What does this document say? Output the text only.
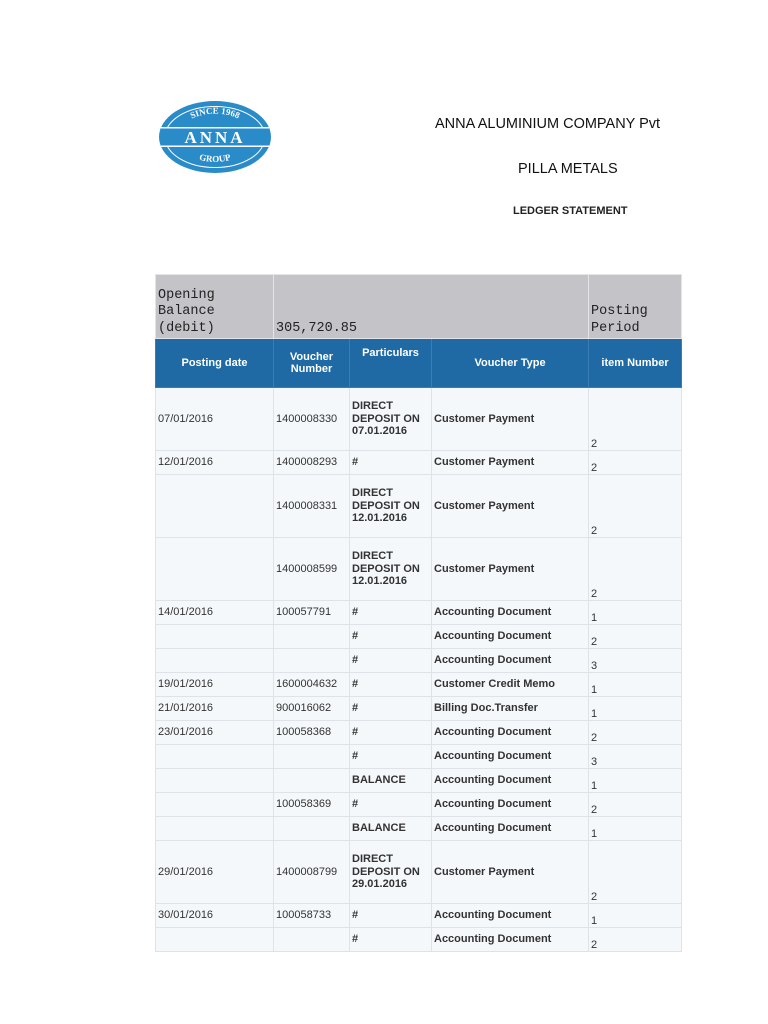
SINCE 1968
ANNA
GROUP
ANNA ALUMINIUM COMPANY Pvt
PILLA METALS
LEDGER STATEMENT
Opening Balance (debit)	305,720.85			Posting Period
Posting date	Voucher Number	Particulars	Voucher Type	item Number
07/01/2016	1400008330	DIRECT DEPOSIT ON 07.01.2016	Customer Payment	2
12/01/2016	1400008293	#	Customer Payment	2
	1400008331	DIRECT DEPOSIT ON 12.01.2016	Customer Payment	2
	1400008599	DIRECT DEPOSIT ON 12.01.2016	Customer Payment	2
14/01/2016	100057791	#	Accounting Document	1
		#	Accounting Document	2
		#	Accounting Document	3
19/01/2016	1600004632	#	Customer Credit Memo	1
21/01/2016	900016062	#	Billing Doc.Transfer	1
23/01/2016	100058368	#	Accounting Document	2
		#	Accounting Document	3
		BALANCE	Accounting Document	1
	100058369	#	Accounting Document	2
		BALANCE	Accounting Document	1
29/01/2016	1400008799	DIRECT DEPOSIT ON 29.01.2016	Customer Payment	2
30/01/2016	100058733	#	Accounting Document	1
		#	Accounting Document	2
